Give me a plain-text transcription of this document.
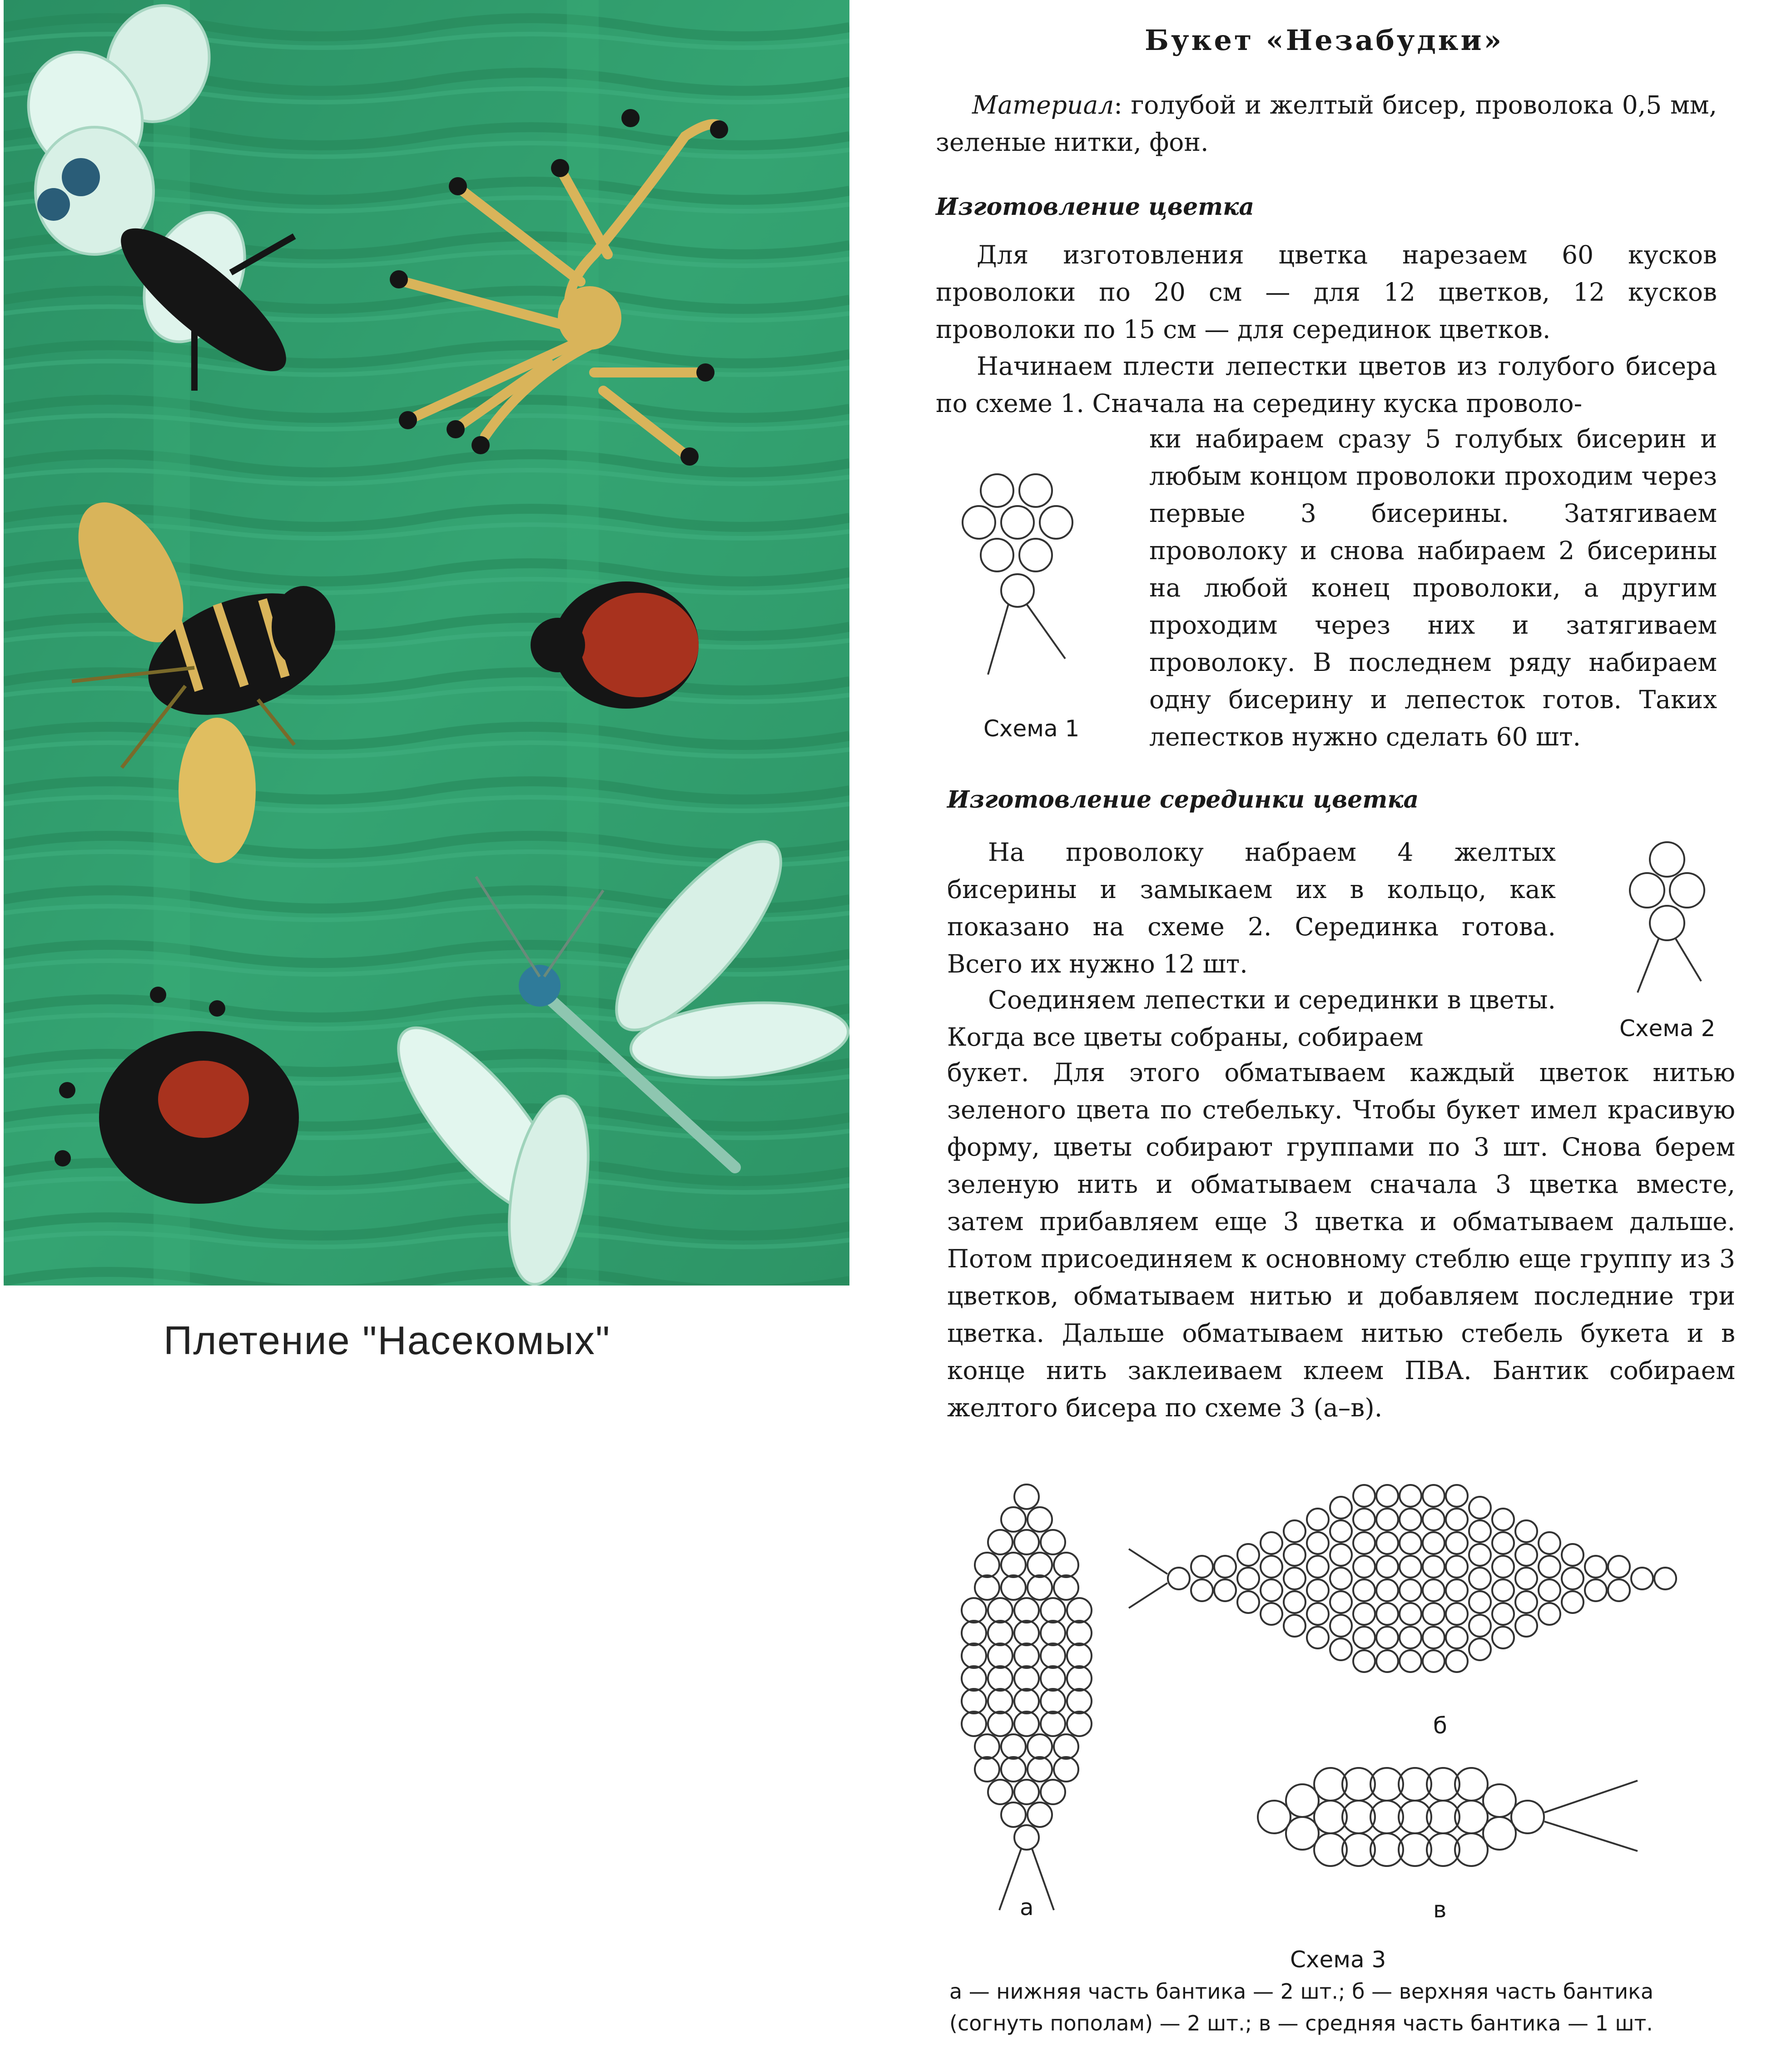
Плетение "Насекомых"
Букет «Незабудки»
Материал: голубой и желтый бисер, проволока 0,5 мм, зеленые нитки, фон.
Изготовление цветка
Для изготовления цветка нарезаем 60 кусков проволоки по 20 см — для 12 цветков, 12 кусков проволоки по 15 см — для серединок цветков.
Начинаем плести лепестки цветов из голубого бисера по схеме 1. Сначала на середину куска проволо-
ки набираем сразу 5 голубых бисерин и любым концом проволоки проходим через первые 3 бисерины. Затягиваем проволоку и снова набираем 2 бисерины на любой конец проволоки, а другим проходим через них и затягиваем проволоку. В последнем ряду набираем одну бисерину и лепесток готов. Таких лепестков нужно сделать 60 шт.
Схема 1
Изготовление серединки цветка
На проволоку набраем 4 желтых бисерины и замыкаем их в кольцо, как показано на схеме 2. Серединка готова. Всего их нужно 12 шт.
Соединяем лепестки и серединки в цветы. Когда все цветы собраны, собираем
букет. Для этого обматываем каждый цветок нитью зеленого цвета по стебельку. Чтобы букет имел красивую форму, цветы собирают группами по 3 шт. Снова берем зеленую нить и обматываем сначала 3 цветка вместе, затем прибавляем еще 3 цветка и обматываем дальше. Потом присоединяем к основному стеблю еще группу из 3 цветков, обматываем нитью и добавляем последние три цветка. Дальше обматываем нитью стебель букета и в конце нить заклеиваем клеем ПВА. Бантик собираем желтого бисера по схеме 3 (а–в).
Схема 2
а
б
в
Схема 3
а — нижняя часть бантика — 2 шт.; б — верхняя часть бантика
(согнуть пополам) — 2 шт.; в — средняя часть бантика — 1 шт.
